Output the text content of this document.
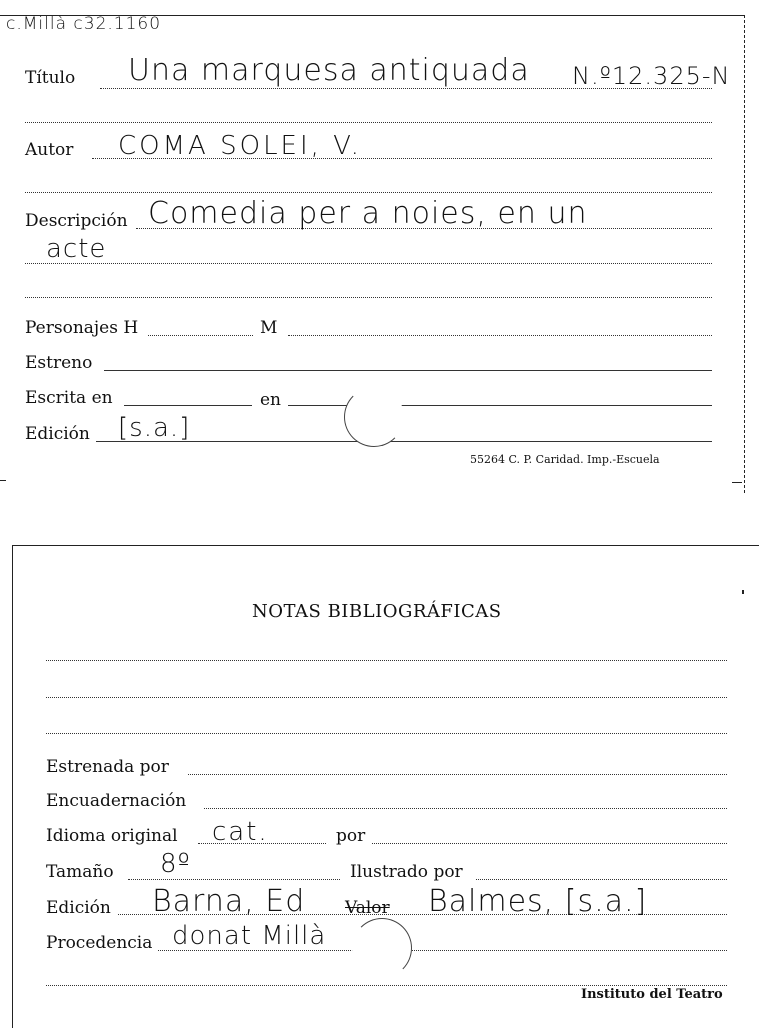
c.Millà c32.1160
Título Una marquesa antiquada N.º12.325-N
Autor COMA SOLEI, V.
Descripción Comedia per a noies, en un
acte
Personajes H	M
Estreno
Escrita en	en
Edición [s.a.]
55264 C. P. Caridad. Imp.-Escuela
NOTAS BIBLIOGRÁFICAS
Estrenada por
Encuadernación
Idioma original cat.	por
Tamaño 8º	Ilustrado por
Edición Barna, Ed Valor Balmes, [s.a.]
Procedencia donat Millà
Instituto del Teatro
